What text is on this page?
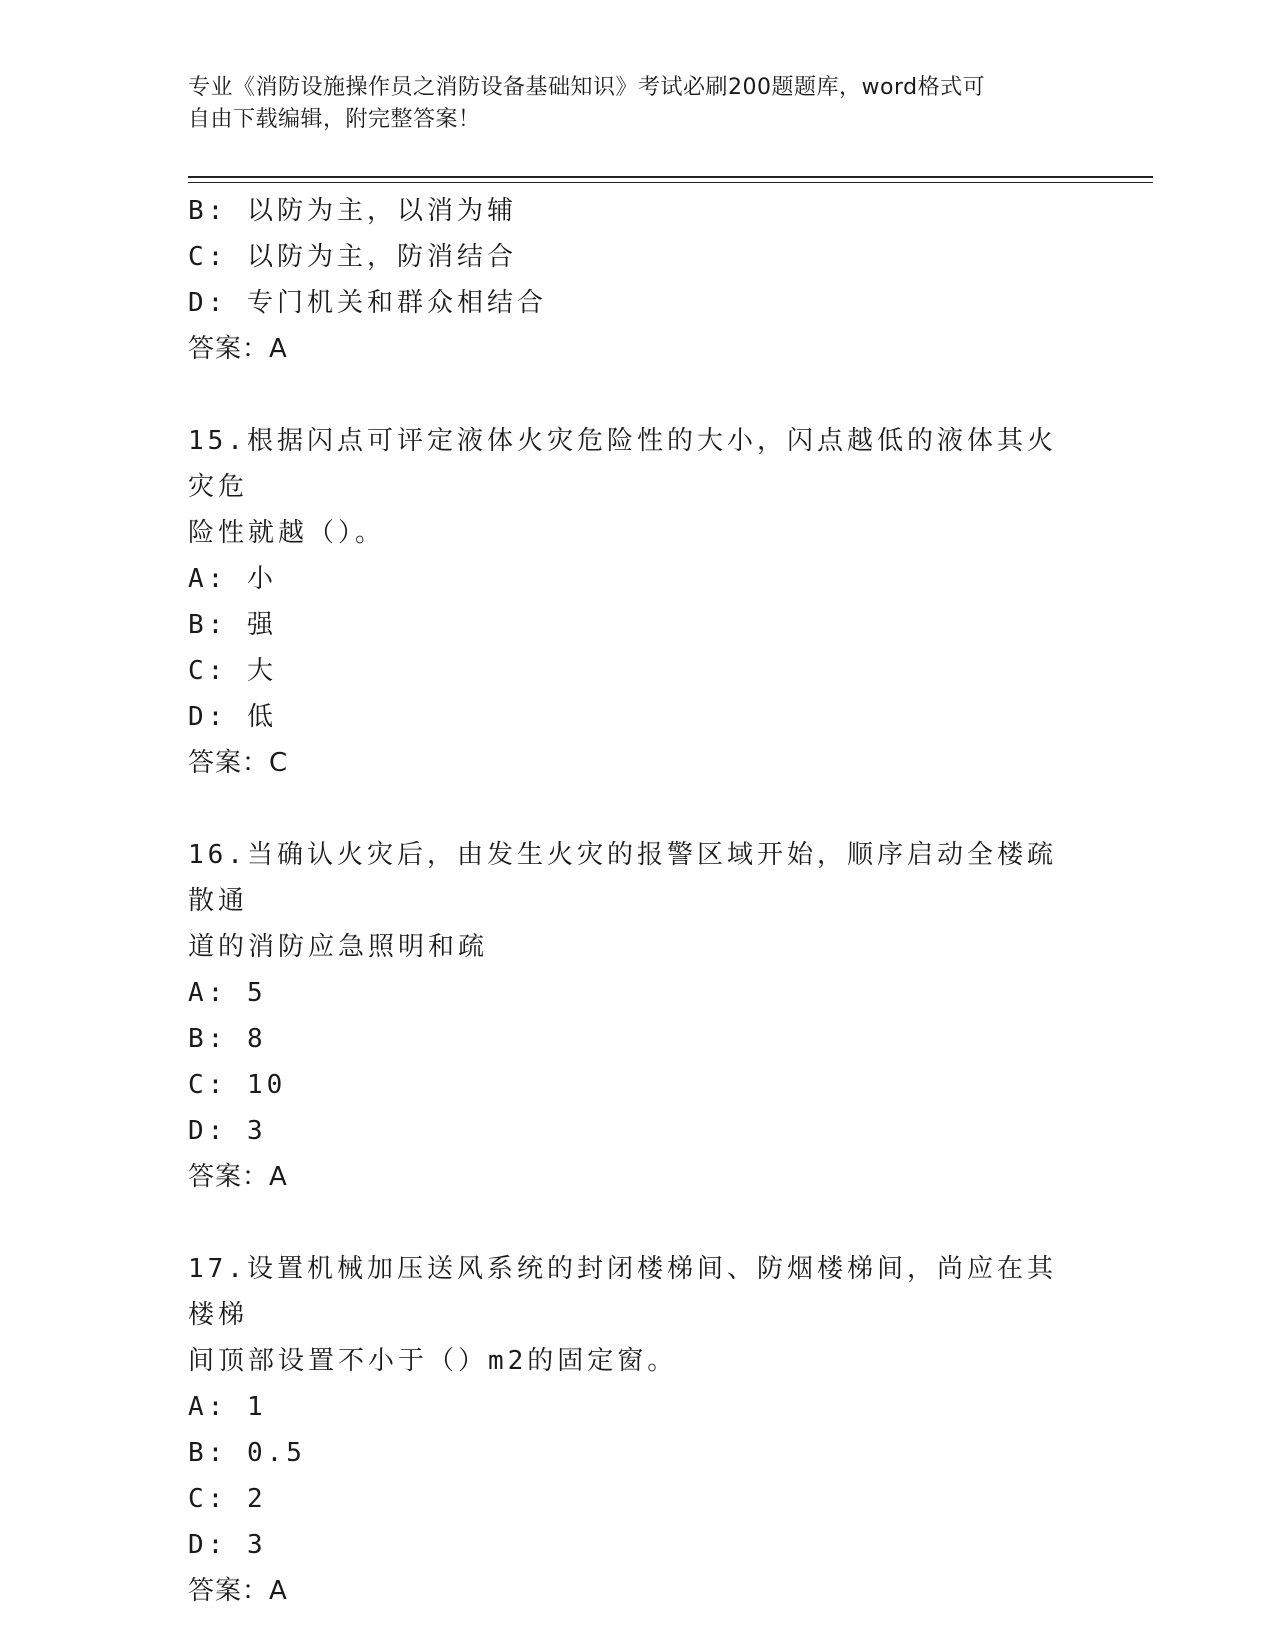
专业《消防设施操作员之消防设备基础知识》考试必刷200题题库，word格式可
自由下载编辑，附完整答案！
B: 以防为主，以消为辅
C: 以防为主，防消结合
D: 专门机关和群众相结合
答案：A
15.根据闪点可评定液体火灾危险性的大小，闪点越低的液体其火灾危
险性就越（）。
A: 小
B: 强
C: 大
D: 低
答案：C
16.当确认火灾后，由发生火灾的报警区域开始，顺序启动全楼疏散通
道的消防应急照明和疏
A: 5
B: 8
C: 10
D: 3
答案：A
17.设置机械加压送风系统的封闭楼梯间、防烟楼梯间，尚应在其楼梯
间顶部设置不小于（）m2的固定窗。
A: 1
B: 0.5
C: 2
D: 3
答案：A
